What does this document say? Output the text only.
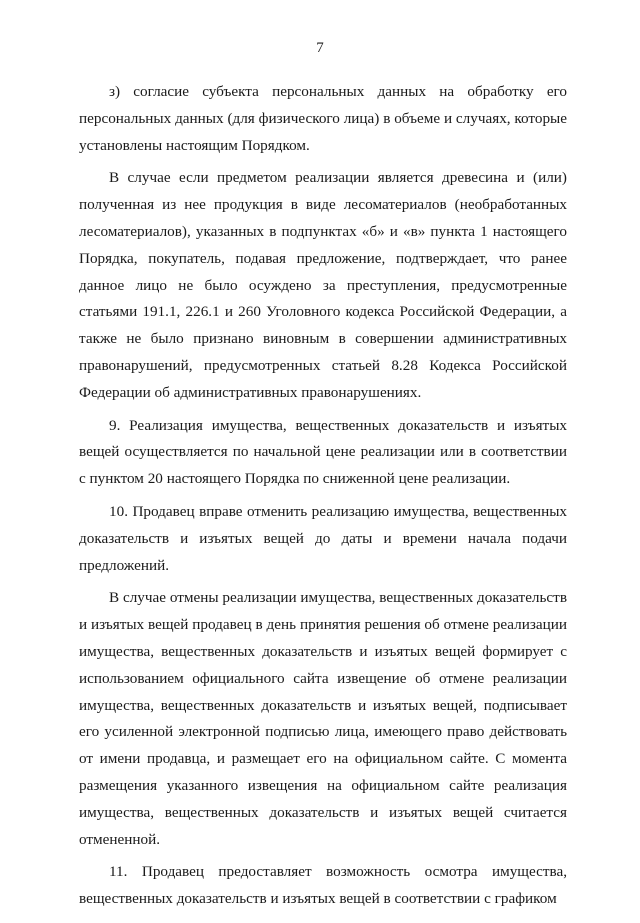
7

з) согласие субъекта персональных данных на обработку его персональных данных (для физического лица) в объеме и случаях, которые установлены настоящим Порядком.

В случае если предметом реализации является древесина и (или) полученная из нее продукция в виде лесоматериалов (необработанных лесоматериалов), указанных в подпунктах «б» и «в» пункта 1 настоящего Порядка, покупатель, подавая предложение, подтверждает, что ранее данное лицо не было осуждено за преступления, предусмотренные статьями 191.1, 226.1 и 260 Уголовного кодекса Российской Федерации, а также не было признано виновным в совершении административных правонарушений, предусмотренных статьей 8.28 Кодекса Российской Федерации об административных правонарушениях.

9. Реализация имущества, вещественных доказательств и изъятых вещей осуществляется по начальной цене реализации или в соответствии с пунктом 20 настоящего Порядка по сниженной цене реализации.

10. Продавец вправе отменить реализацию имущества, вещественных доказательств и изъятых вещей до даты и времени начала подачи предложений.

В случае отмены реализации имущества, вещественных доказательств и изъятых вещей продавец в день принятия решения об отмене реализации имущества, вещественных доказательств и изъятых вещей формирует с использованием официального сайта извещение об отмене реализации имущества, вещественных доказательств и изъятых вещей, подписывает его усиленной электронной подписью лица, имеющего право действовать от имени продавца, и размещает его на официальном сайте. С момента размещения указанного извещения на официальном сайте реализация имущества, вещественных доказательств и изъятых вещей считается отмененной.

11. Продавец предоставляет возможность осмотра имущества, вещественных доказательств и изъятых вещей в соответствии с графиком
